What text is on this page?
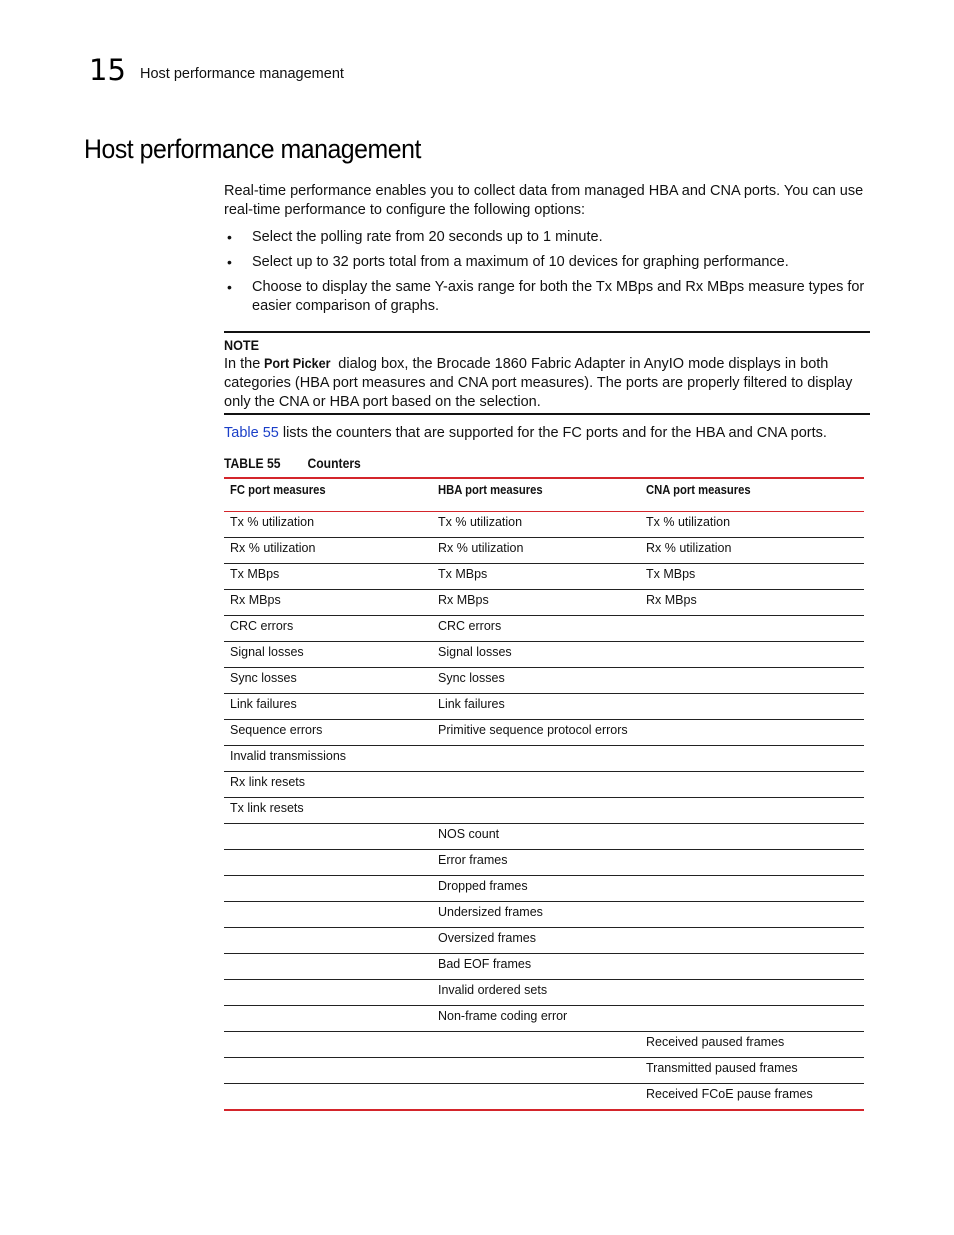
15 Host performance management
Host performance management
Real-time performance enables you to collect data from managed HBA and CNA ports. You can use real-time performance to configure the following options:
• Select the polling rate from 20 seconds up to 1 minute.
• Select up to 32 ports total from a maximum of 10 devices for graphing performance.
• Choose to display the same Y-axis range for both the Tx MBps and Rx MBps measure types for easier comparison of graphs.
NOTE
In the Port Picker dialog box, the Brocade 1860 Fabric Adapter in AnyIO mode displays in both categories (HBA port measures and CNA port measures). The ports are properly filtered to display only the CNA or HBA port based on the selection.
Table 55 lists the counters that are supported for the FC ports and for the HBA and CNA ports.
TABLE 55 Counters
FC port measures	HBA port measures	CNA port measures
Tx % utilization	Tx % utilization	Tx % utilization
Rx % utilization	Rx % utilization	Rx % utilization
Tx MBps	Tx MBps	Tx MBps
Rx MBps	Rx MBps	Rx MBps
CRC errors	CRC errors	
Signal losses	Signal losses	
Sync losses	Sync losses	
Link failures	Link failures	
Sequence errors	Primitive sequence protocol errors	
Invalid transmissions		
Rx link resets		
Tx link resets		
	NOS count	
	Error frames	
	Dropped frames	
	Undersized frames	
	Oversized frames	
	Bad EOF frames	
	Invalid ordered sets	
	Non-frame coding error	
		Received paused frames
		Transmitted paused frames
		Received FCoE pause frames
